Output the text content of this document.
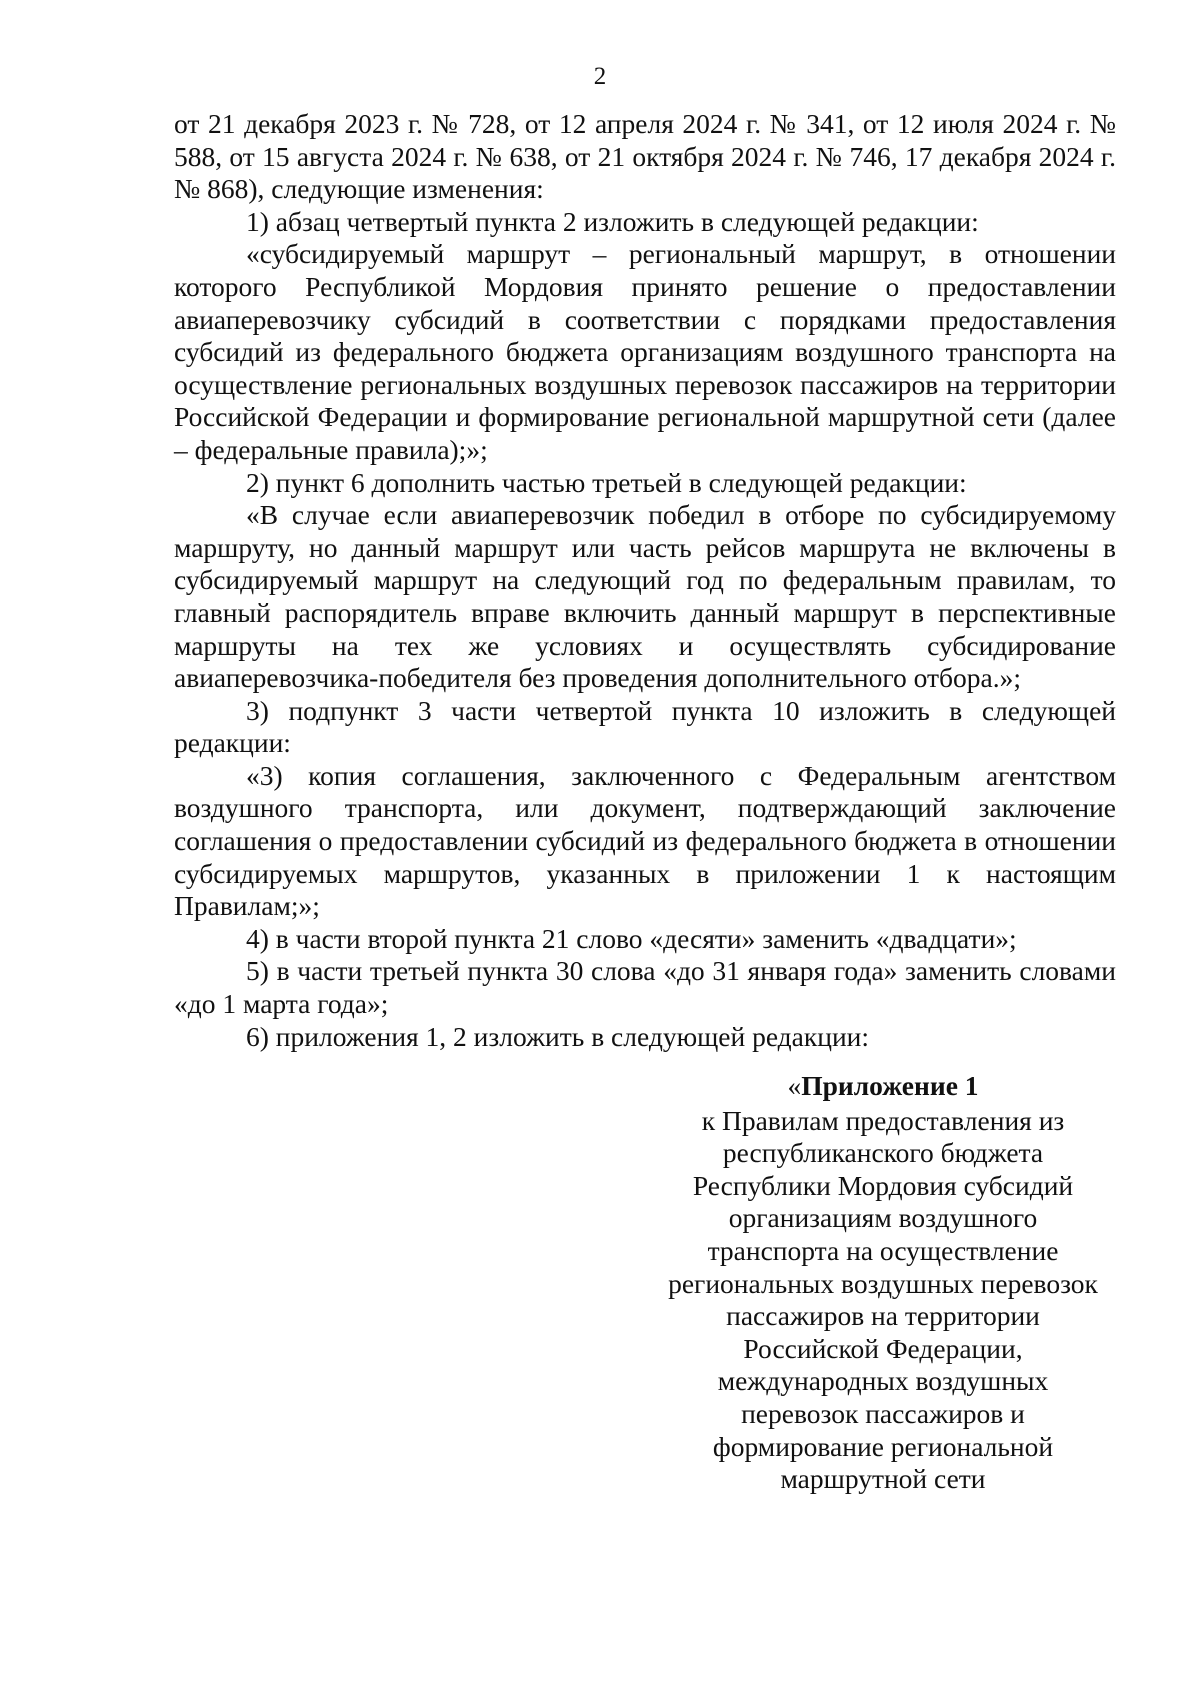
2

от 21 декабря 2023 г. № 728, от 12 апреля 2024 г. № 341, от 12 июля 2024 г. № 588, от 15 августа 2024 г. № 638, от 21 октября 2024 г. № 746, 17 декабря 2024 г. № 868), следующие изменения:

1) абзац четвертый пункта 2 изложить в следующей редакции:

«субсидируемый маршрут – региональный маршрут, в отношении которого Республикой Мордовия принято решение о предоставлении авиаперевозчику субсидий в соответствии с порядками предоставления субсидий из федерального бюджета организациям воздушного транспорта на осуществление региональных воздушных перевозок пассажиров на территории Российской Федерации и формирование региональной маршрутной сети (далее – федеральные правила);»;

2) пункт 6 дополнить частью третьей в следующей редакции:

«В случае если авиаперевозчик победил в отборе по субсидируемому маршруту, но данный маршрут или часть рейсов маршрута не включены в субсидируемый маршрут на следующий год по федеральным правилам, то главный распорядитель вправе включить данный маршрут в перспективные маршруты на тех же условиях и осуществлять субсидирование авиаперевозчика-победителя без проведения дополнительного отбора.»;

3) подпункт 3 части четвертой пункта 10 изложить в следующей редакции:

«3) копия соглашения, заключенного с Федеральным агентством воздушного транспорта, или документ, подтверждающий заключение соглашения о предоставлении субсидий из федерального бюджета в отношении субсидируемых маршрутов, указанных в приложении 1 к настоящим Правилам;»;

4) в части второй пункта 21 слово «десяти» заменить «двадцати»;

5) в части третьей пункта 30 слова «до 31 января года» заменить словами «до 1 марта года»;

6) приложения 1, 2 изложить в следующей редакции:

«Приложение 1

к Правилам предоставления из республиканского бюджета Республики Мордовия субсидий организациям воздушного транспорта на осуществление региональных воздушных перевозок пассажиров на территории Российской Федерации, международных воздушных перевозок пассажиров и формирование региональной маршрутной сети
